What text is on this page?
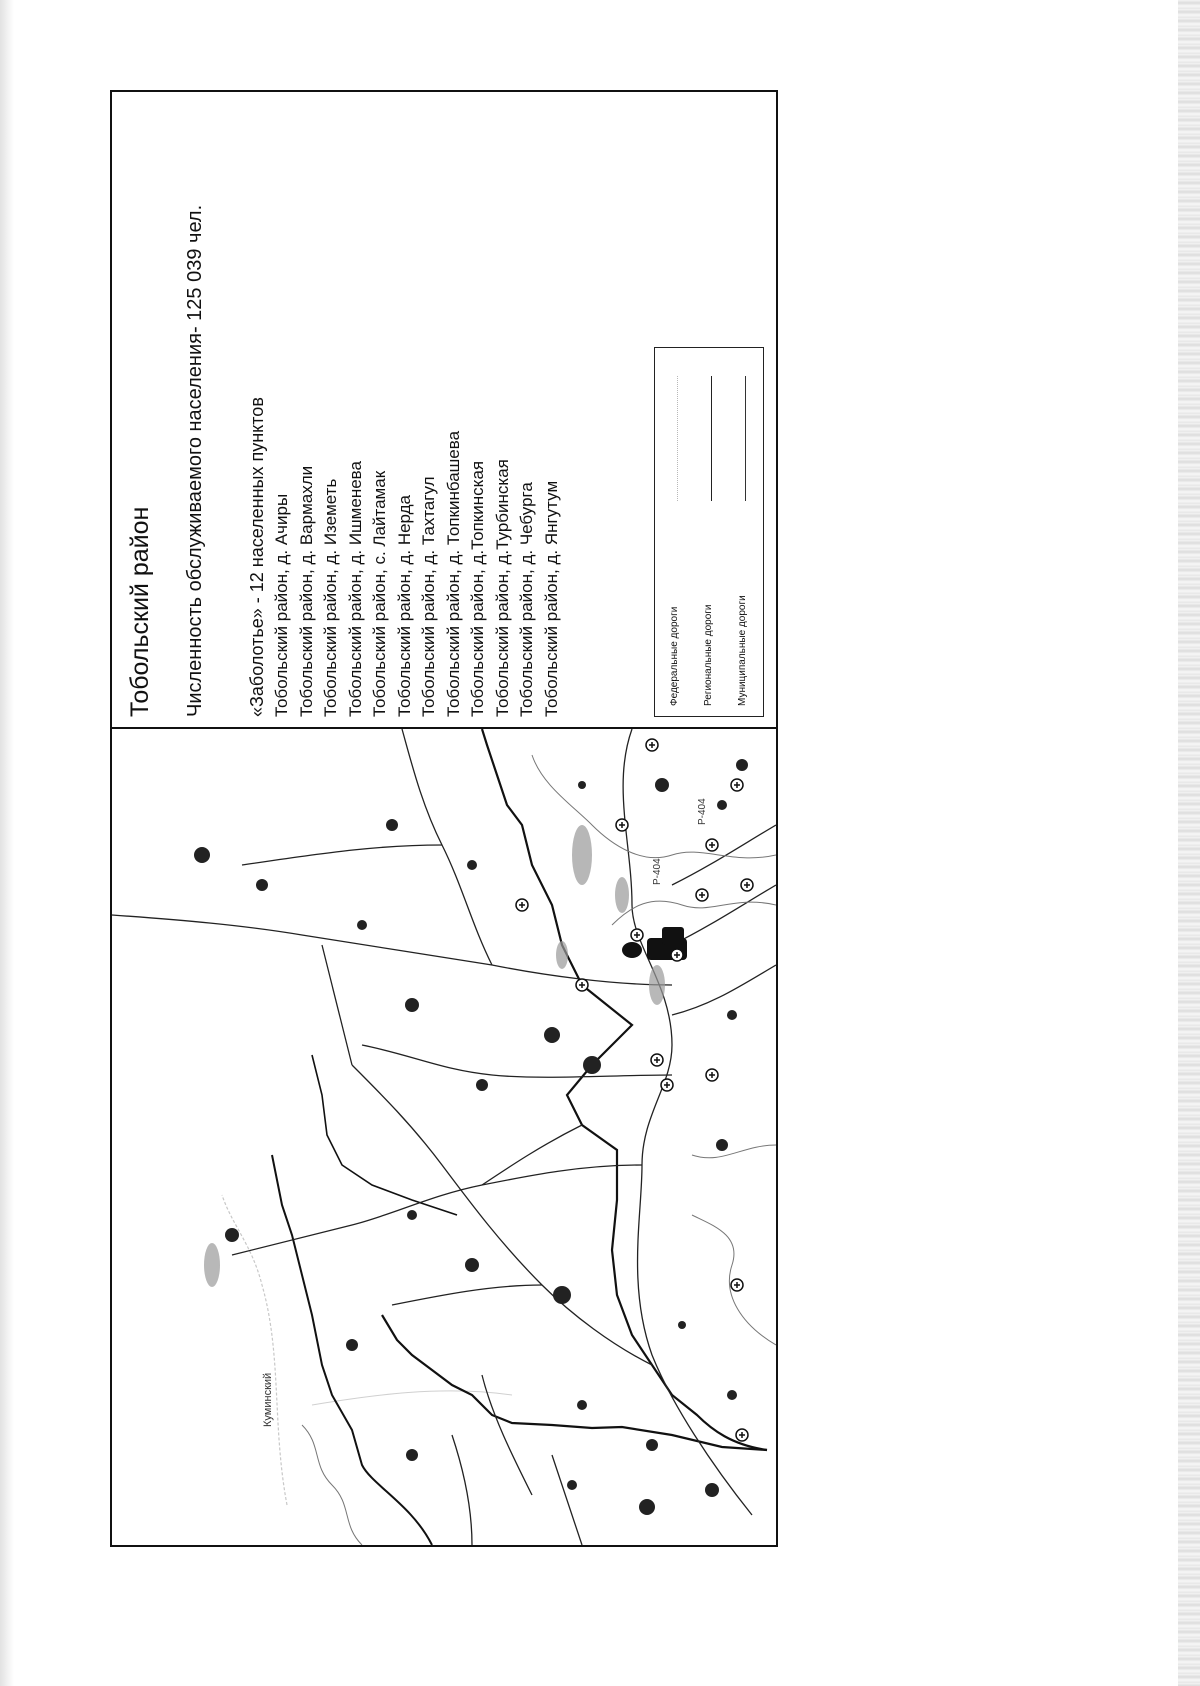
Куминский
Р-404
Р-404
Тобольский район Численность обслуживаемого населения- 125 039 чел. «Заболотье» - 12 населенных пунктов Тобольский район, д. Ачиры Тобольский район, д. Вармахли Тобольский район, д. Иземеть Тобольский район, д. Ишменева Тобольский район, с. Лайтамак Тобольский район, д. Нерда Тобольский район, д. Тахтагул Тобольский район, д. Топкинбашева Тобольский район, д.Топкинская Тобольский район, д.Турбинская Тобольский район, д. Чебурга Тобольский район, д. Янгутум	Федеральные дороги Региональные дороги Муниципальные дороги
